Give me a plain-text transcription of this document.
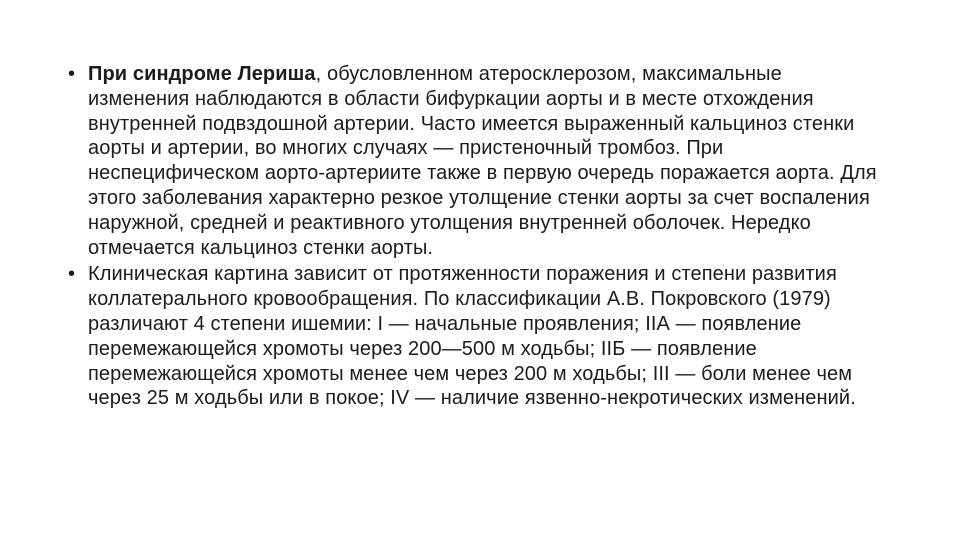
• При синдроме Лериша, обусловленном атеросклерозом, максимальные изменения наблюдаются в области бифуркации аорты и в месте отхождения внутренней подвздошной артерии. Часто имеется выраженный кальциноз стенки аорты и артерии, во многих случаях — пристеночный тромбоз. При неспецифическом аорто-артериите также в первую очередь поражается аорта. Для этого заболевания характерно резкое утолщение стенки аорты за счет воспаления наружной, средней и реактивного утолщения внутренней оболочек. Нередко отмечается кальциноз стенки аорты.
• Клиническая картина зависит от протяженности поражения и степени развития коллатерального кровообращения. По классификации А.В. Покровского (1979) различают 4 степени ишемии: I — начальные проявления; IIА — появление перемежающейся хромоты через 200—500 м ходьбы; IIБ — появление перемежающейся хромоты менее чем через 200 м ходьбы; III — боли менее чем через 25 м ходьбы или в покое; IV — наличие язвенно-некротических изменений.
